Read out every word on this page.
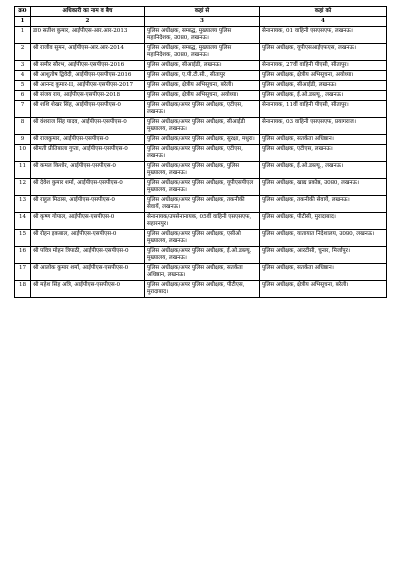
क्र0	अधिकारी का नाम व बैच	कहां से	कहां को
1	2	3	4
1	डा0 सतीश कुमार, आईपीएस-आर.आर-2013	पुलिस अधीक्षक, सम्बद्ध, मुख्यालय पुलिस महानिदेशक, उ0प्र0, लखनऊ।	सेनानायक, 01 वाहिनी एसएसएफ, लखनऊ।
2	श्री राजीव सुमन, आईपीएस-आर.आर-2014	पुलिस अधीक्षक, सम्बद्ध, मुख्यालय पुलिस महानिदेशक, उ0प्र0, लखनऊ।	पुलिस अधीक्षक, यूपीएसआईएफएस, लखनऊ।
3	श्री समीर सौरभ, आईपीएस-एसपीएस-2016	पुलिस अधीक्षक, सीआईडी, लखनऊ।	सेनानायक, 27वीं वाहिनी पीएसी, सीतापुर।
4	श्री आशुतोष द्विवेदी, आईपीएस-एसपीएस-2016	पुलिस अधीक्षक, ए.पी.टी.सी., सीतापुर	पुलिस अधीक्षक, क्षेत्रीय अभिसूचना, अयोध्या।
5	श्री आनन्द कुमार-II, आईपीएस-एसपीएस-2017	पुलिस अधीक्षक, क्षेत्रीय अभिसूचना, बरेली।	पुलिस अधीक्षक, सीआईडी, लखनऊ।
6	श्री संजय राय, आईपीएस-एसपीएस-2018	पुलिस अधीक्षक, क्षेत्रीय अभिसूचना, अयोध्या।	पुलिस अधीक्षक, ई.ओ.डब्ल्यू., लखनऊ।
7	श्री शशि शेखर सिंह, आईपीएस-एसपीएस-0	पुलिस अधीक्षक/अपर पुलिस अधीक्षक, एटीएस, लखनऊ।	सेनानायक, 11वीं वाहिनी पीएसी, सीतापुर।
8	श्री वंशराज सिंह यादव, आईपीएस-एसपीएस-0	पुलिस अधीक्षक/अपर पुलिस अधीक्षक, सीआईडी मुख्यालय, लखनऊ।	सेनानायक, 03 वाहिनी एसएसएफ, प्रयागराज।
9	श्री राजकुमार, आईपीएस-एसपीएस-0	पुलिस अधीक्षक/अपर पुलिस अधीक्षक, सुरक्षा, मथुरा।	पुलिस अधीक्षक, सतर्कता अधिष्ठान।
10	श्रीमती प्रीतिबाला गुप्ता, आईपीएस-एसपीएस-0	पुलिस अधीक्षक/अपर पुलिस अधीक्षक, एटीएस, लखनऊ।	पुलिस अधीक्षक, एटीएस, लखनऊ।
11	श्री कमल किशोर, आईपीएस-एसपीएस-0	पुलिस अधीक्षक/अपर पुलिस अधीक्षक, पुलिस मुख्यालय, लखनऊ।	पुलिस अधीक्षक, ई.ओ.डब्ल्यू., लखनऊ।
12	श्री देवेश कुमार शर्मा, आईपीएस-एसपीएस-0	पुलिस अधीक्षक/अपर पुलिस अधीक्षक, यूपीएसपीएल मुख्यालय, लखनऊ।	पुलिस अधीक्षक, खाद्य प्रकोष्ठ, उ0प्र0, लखनऊ।
13	श्री राहुल मिठास, आईपीएस-एसपीएस-0	पुलिस अधीक्षक/अपर पुलिस अधीक्षक, तकनीकी सेवायें, लखनऊ।	पुलिस अधीक्षक, तकनीकी सेवायें, लखनऊ।
14	श्री कृष्ण गोपाल, आईपीएस-एसपीएस-0	सेनानायक/उपसेनानायक, 05वीं वाहिनी एसएसएफ, सहारनपुर।	पुलिस अधीक्षक, पीटीसी, मुरादाबाद।
15	श्री रोहन इकबाल, आईपीएस-एसपीएस-0	पुलिस अधीक्षक/अपर पुलिस अधीक्षक, एसीओ मुख्यालय, लखनऊ।	पुलिस अधीक्षक, यातायात निदेशालय, उ0प्र0, लखनऊ।
16	श्री पवित्र मोहन त्रिपाठी, आईपीएस-एसपीएस-0	पुलिस अधीक्षक/अपर पुलिस अधीक्षक, ई.ओ.डब्ल्यू. मुख्यालय, लखनऊ।	पुलिस अधीक्षक, आरटीसी, चुनार, मिर्जापुर।
17	श्री आलोक कुमार शर्मा, आईपीएस-एसपीएस-0	पुलिस अधीक्षक/अपर पुलिस अधीक्षक, सतर्कता अधिष्ठान, लखनऊ।	पुलिस अधीक्षक, सतर्कता अधिष्ठान।
18	श्री महेश सिंह अत्रि, आईपीएस-एसपीएस-0	पुलिस अधीक्षक/अपर पुलिस अधीक्षक, पीटीएस, मुरादाबाद।	पुलिस अधीक्षक, क्षेत्रीय अभिसूचना, बरेली।
